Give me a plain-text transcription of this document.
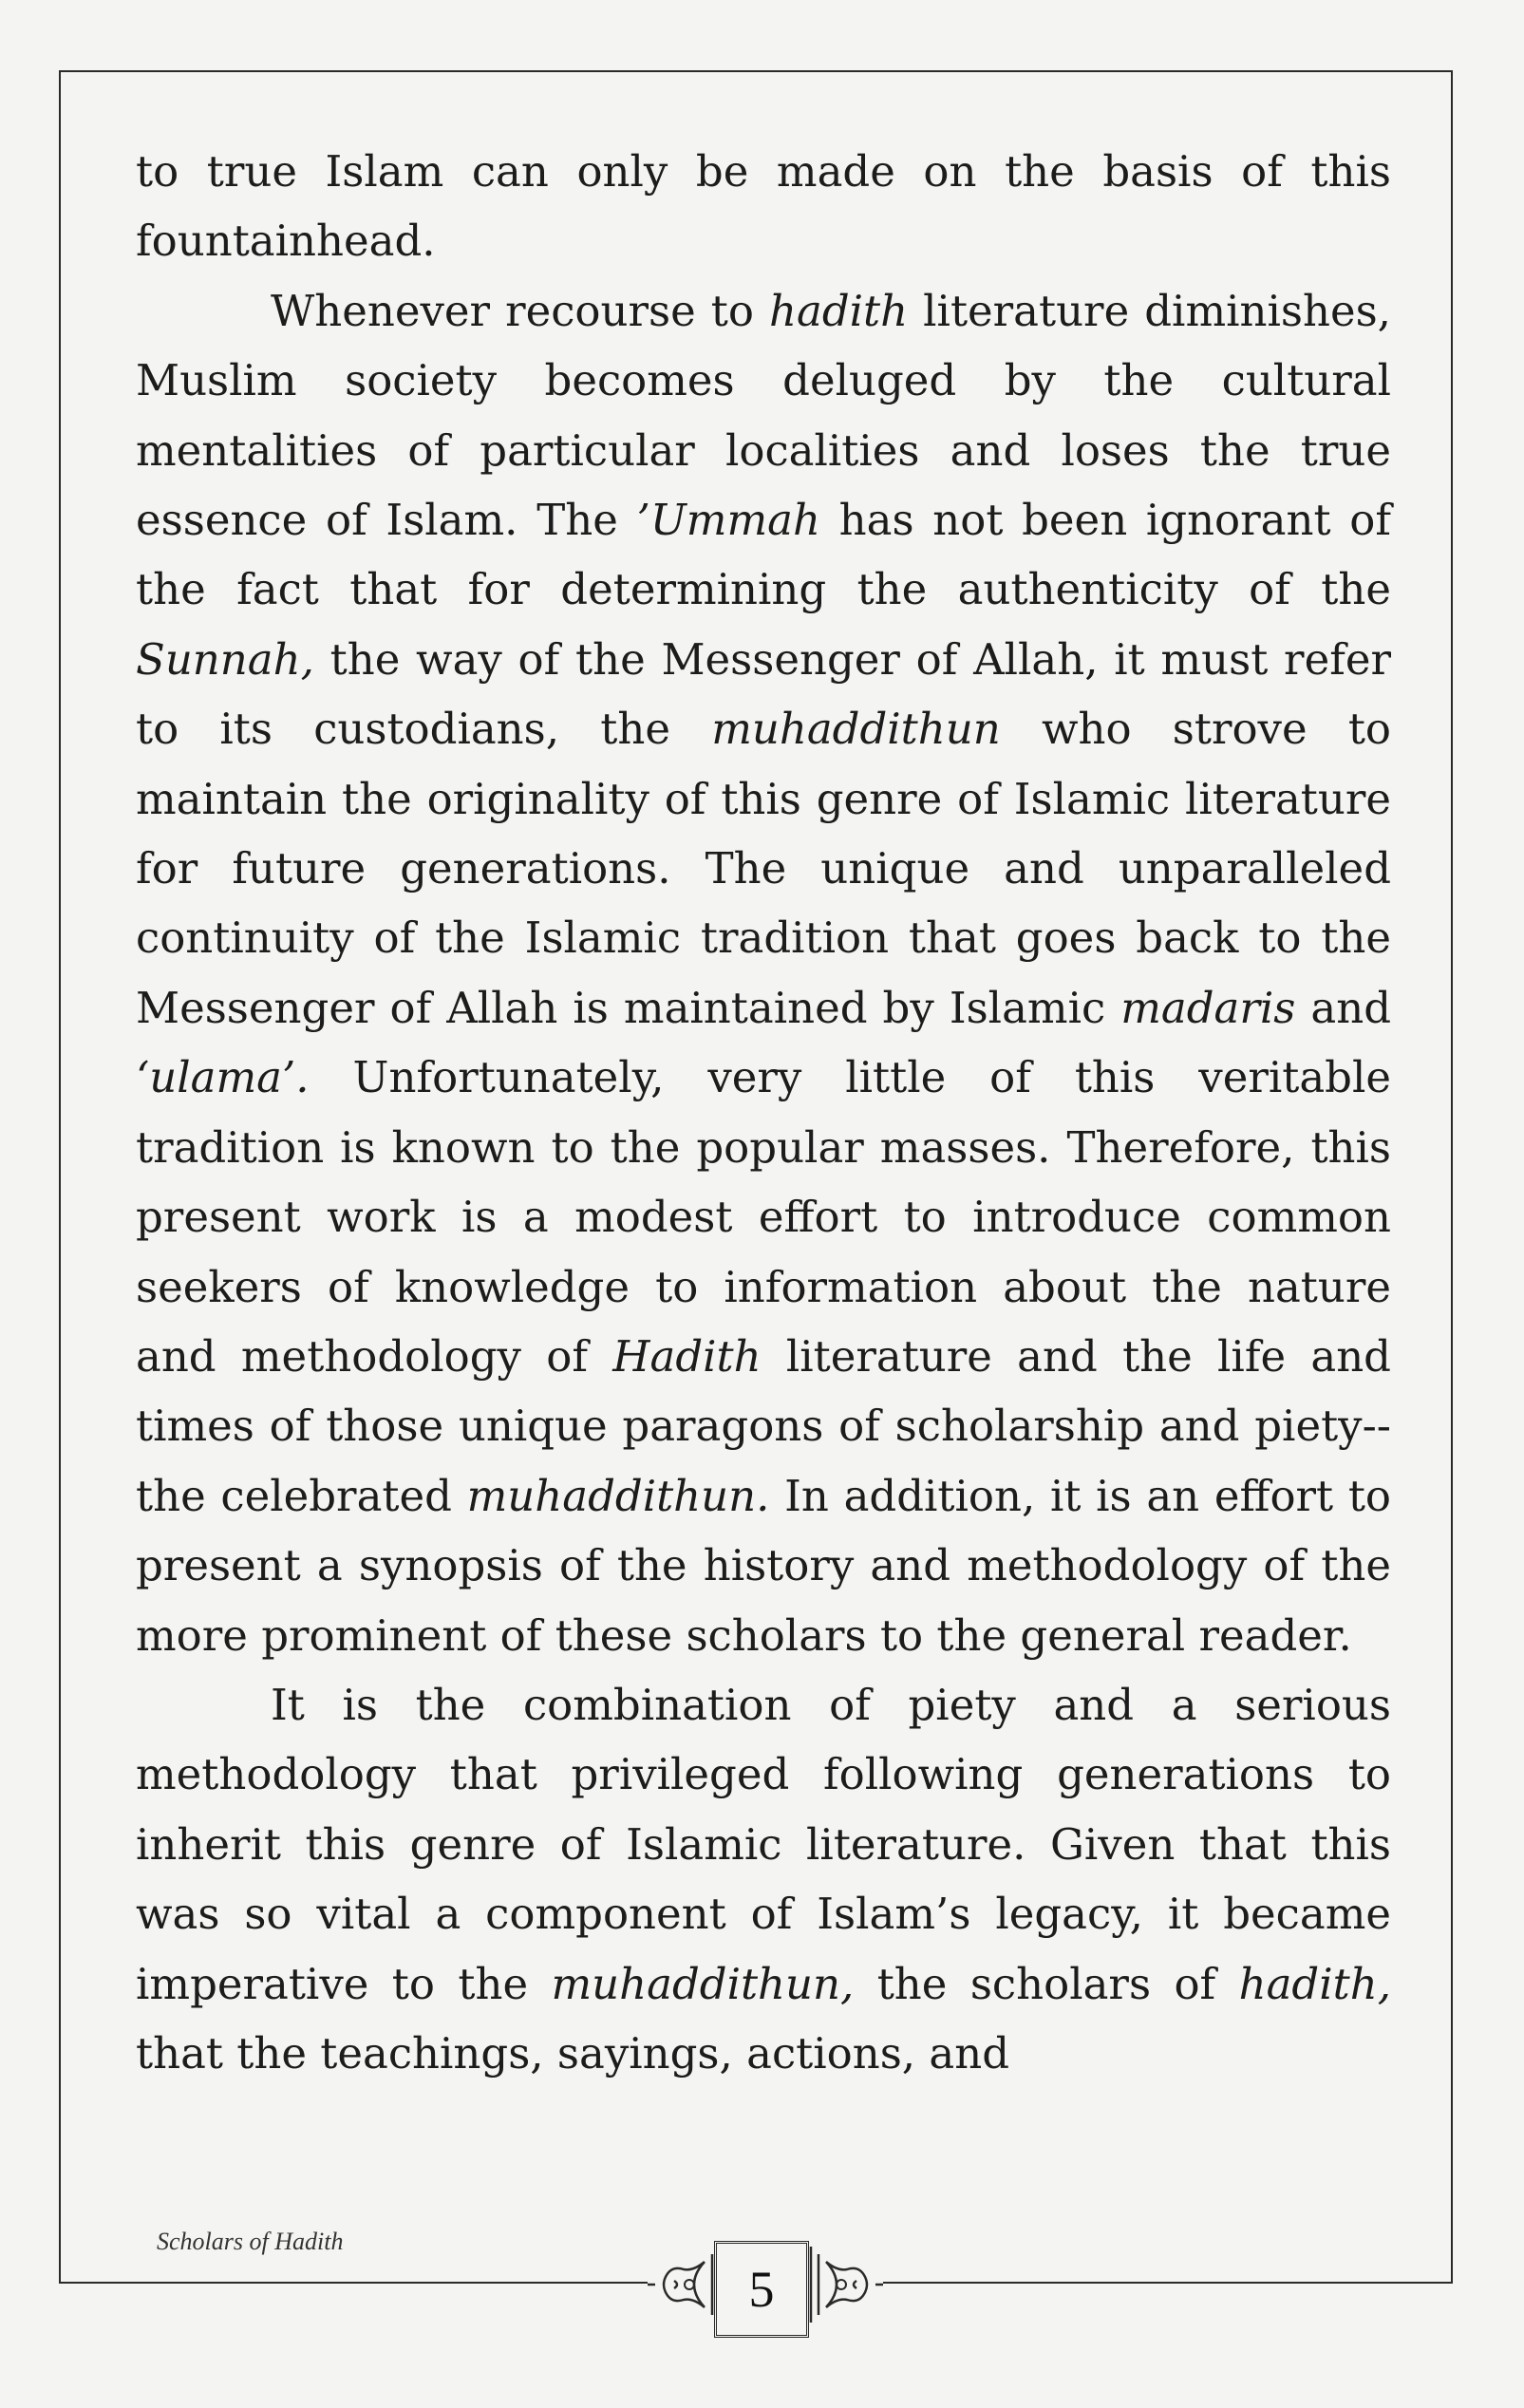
to true Islam can only be made on the basis of this fountainhead.

Whenever recourse to hadith literature diminishes, Muslim society becomes deluged by the cultural mentalities of particular localities and loses the true essence of Islam. The ’Ummah has not been ignorant of the fact that for determining the authenticity of the Sunnah, the way of the Messenger of Allah, it must refer to its custodians, the muhaddithun who strove to maintain the originality of this genre of Islamic literature for future generations. The unique and unparalleled continuity of the Islamic tradition that goes back to the Messenger of Allah is maintained by Islamic madaris and ‘ulama’. Unfortunately, very little of this veritable tradition is known to the popular masses. Therefore, this present work is a modest effort to introduce common seekers of knowledge to information about the nature and methodology of Hadith literature and the life and times of those unique paragons of scholarship and piety--the celebrated muhaddithun. In addition, it is an effort to present a synopsis of the history and methodology of the more prominent of these scholars to the general reader.

It is the combination of piety and a serious methodology that privileged following generations to inherit this genre of Islamic literature. Given that this was so vital a component of Islam’s legacy, it became imperative to the muhaddithun, the scholars of hadith, that the teachings, sayings, actions, and

Scholars of Hadith
5
